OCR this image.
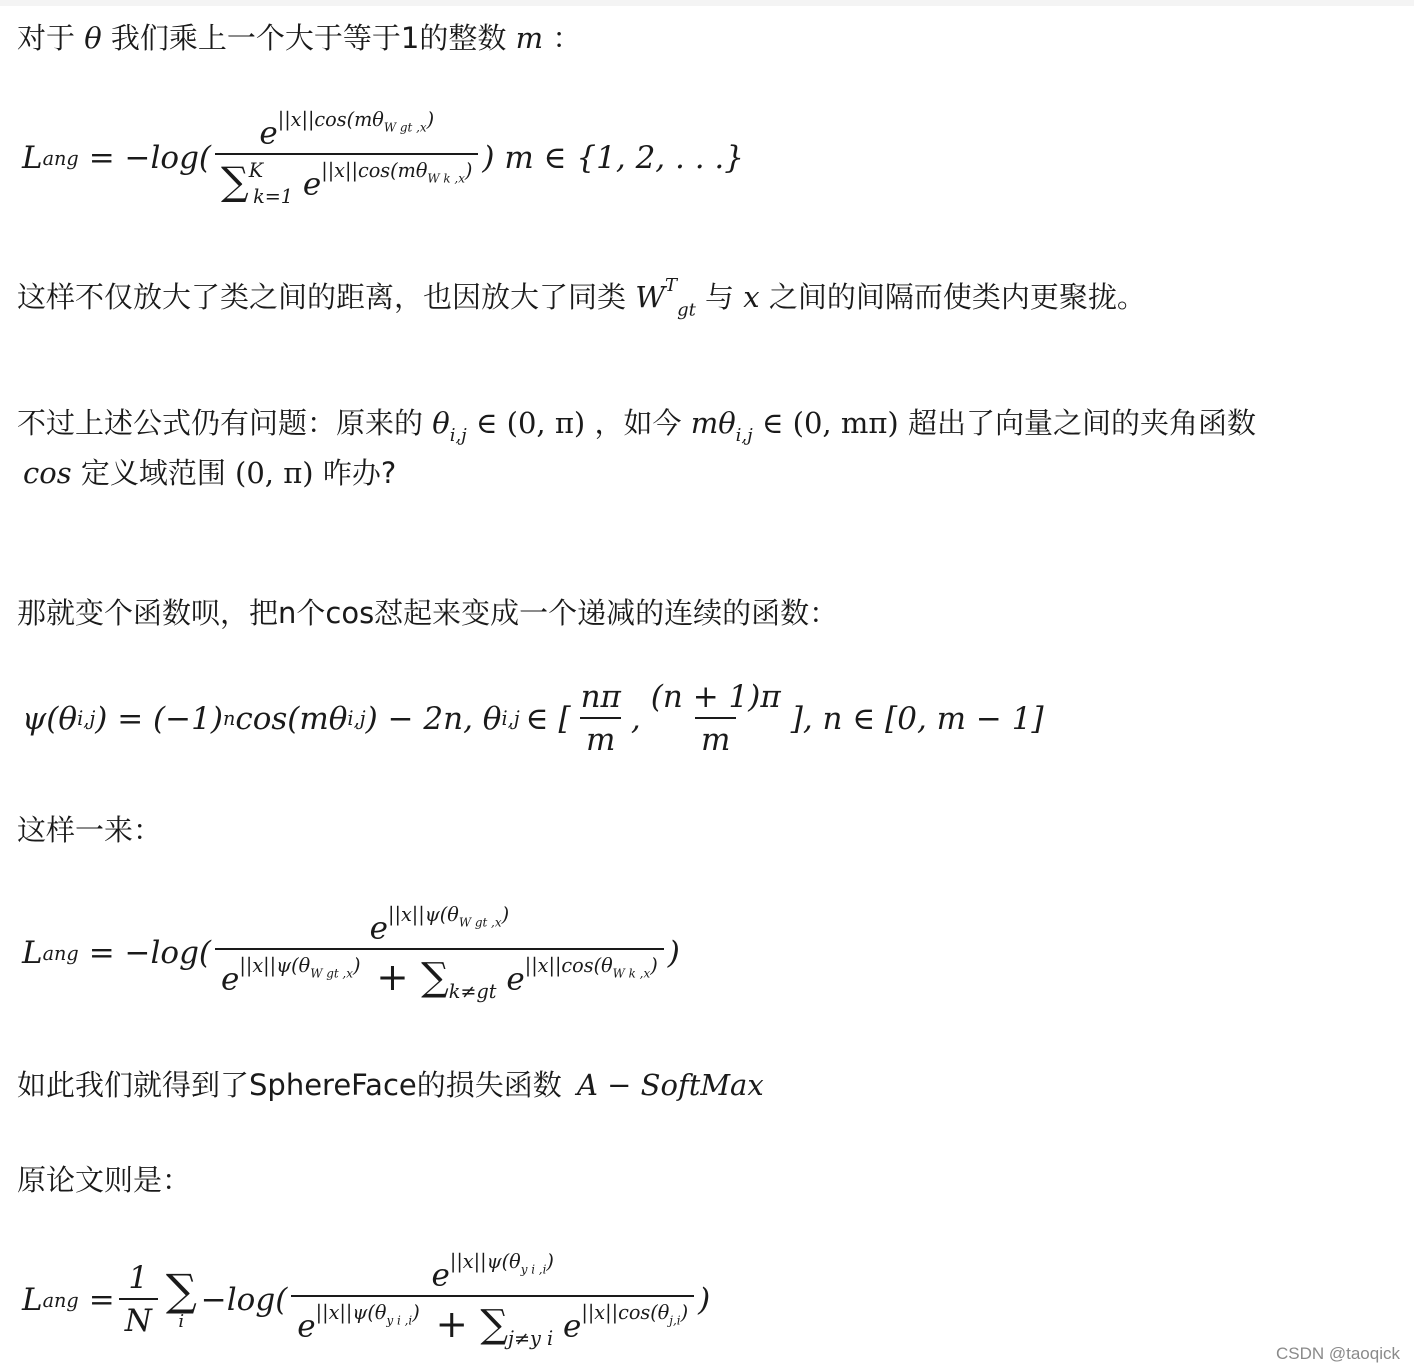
对于 θ 我们乘上一个大于等于1的整数 m ：

L ang = $-\log( \frac{e^{||x||cos(m\theta_{W gt ,x})}}{\sum^K_{k=1} e^{||x||cos(m\theta_{W k ,x})}}$ ) m ∈ {1, 2, . . .}

这样不仅放大了类之间的距离，也因放大了同类 $W^T_{gt}$ 与 x 之间的间隔而使类内更聚拢。

不过上述公式仍有问题：原来的 $\theta_{i,j}$ ∈ (0, π) ，如今 $m\theta_{i,j}$ ∈ (0, mπ) 超出了向量之间的夹角函数

cos 定义域范围 (0, π) 咋办?

那就变个函数呗，把n个cos怼起来变成一个递减的连续的函数：

ψ(θ i,j ) = (−1) n cos(mθ i,j ) − 2n, θ i,j ∈ [ $\frac{n\pi}{m}$ , $\frac{(n + 1)\pi}{m}$ ], n ∈ [0, m − 1]

这样一来：

L ang = $-\log( \frac{e^{||x||\psi(\theta_{W gt ,x})}}{e^{||x||\psi(\theta_{W gt ,x})} + \sum_{k\ne gt} e^{||x||cos(\theta_{W k ,x})}}$ )

如此我们就得到了SphereFace的损失函数 A − SoftMax

原论文则是：

L ang = $\frac{1}{N}$ ∑
i
$-\log( \frac{e^{||x||\psi(\theta_{y i ,i})}}{e^{||x||\psi(\theta_{y i ,i})} + \sum_{j\ne y i} e^{||x||cos(\theta_{j,i})}}$ )
CSDN @taoqick
